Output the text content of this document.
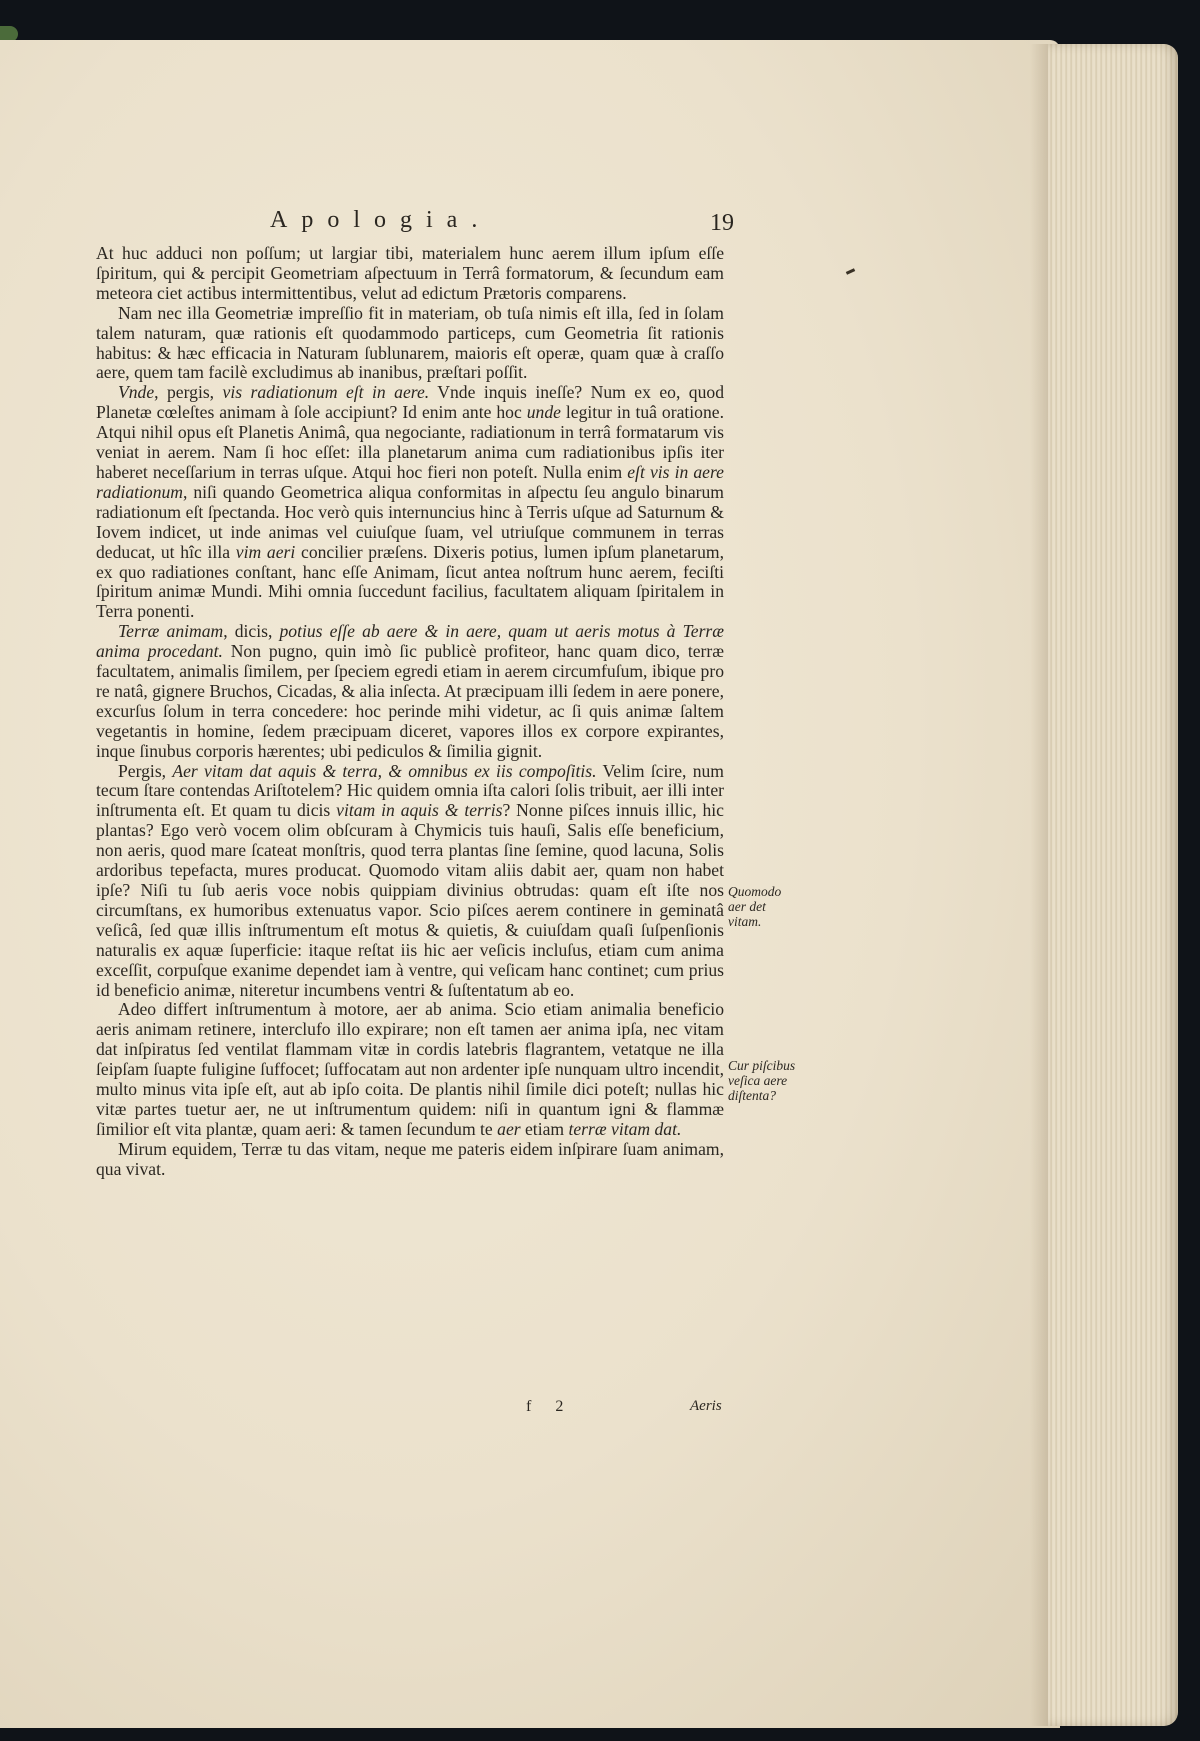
Apologia.	19

At huc adduci non poſſum; ut largiar tibi, materialem hunc aerem illum ipſum eſſe ſpiritum, qui & percipit Geometriam aſpectuum in Terrâ formatorum, & ſecundum eam meteora ciet actibus intermittentibus, velut ad edictum Prætoris comparens.

Nam nec illa Geometriæ impreſſio fit in materiam, ob tuſa nimis eſt illa, ſed in ſolam talem naturam, quæ rationis eſt quodammodo particeps, cum Geometria ſit rationis habitus: & hæc efficacia in Naturam ſublunarem, maioris eſt operæ, quam quæ à craſſo aere, quem tam facilè excludimus ab inanibus, præſtari poſſit.

Vnde, pergis, vis radiationum eſt in aere. Vnde inquis ineſſe? Num ex eo, quod Planetæ cœleſtes animam à ſole accipiunt? Id enim ante hoc unde legitur in tuâ oratione. Atqui nihil opus eſt Planetis Animâ, qua negociante, radiationum in terrâ formatarum vis veniat in aerem. Nam ſi hoc eſſet: illa planetarum anima cum radiationibus ipſis iter haberet neceſſarium in terras uſque. Atqui hoc fieri non poteſt. Nulla enim eſt vis in aere radiationum, niſi quando Geometrica aliqua conformitas in aſpectu ſeu angulo binarum radiationum eſt ſpectanda. Hoc verò quis internuncius hinc à Terris uſque ad Saturnum & Iovem indicet, ut inde animas vel cuiuſque ſuam, vel utriuſque communem in terras deducat, ut hîc illa vim aeri concilier præſens. Dixeris potius, lumen ipſum planetarum, ex quo radiationes conſtant, hanc eſſe Animam, ſicut antea noſtrum hunc aerem, feciſti ſpiritum animæ Mundi. Mihi omnia ſuccedunt facilius, facultatem aliquam ſpiritalem in Terra ponenti.

Terræ animam, dicis, potius eſſe ab aere & in aere, quam ut aeris motus à Terræ anima procedant. Non pugno, quin imò ſic publicè profiteor, hanc quam dico, terræ facultatem, animalis ſimilem, per ſpeciem egredi etiam in aerem circumfuſum, ibique pro re natâ, gignere Bruchos, Cicadas, & alia inſecta. At præcipuam illi ſedem in aere ponere, excurſus ſolum in terra concedere: hoc perinde mihi videtur, ac ſi quis animæ ſaltem vegetantis in homine, ſedem præcipuam diceret, vapores illos ex corpore expirantes, inque ſinubus corporis hærentes; ubi pediculos & ſimilia gignit.

Pergis, Aer vitam dat aquis & terra, & omnibus ex iis compoſitis. Velim ſcire, num tecum ſtare contendas Ariſtotelem? Hic quidem omnia iſta calori ſolis tribuit, aer illi inter inſtrumenta eſt. Et quam tu dicis vitam in aquis & terris? Nonne piſces innuis illic, hic plantas? Ego verò vocem olim obſcuram à Chymicis tuis hauſi, Salis eſſe beneficium, non aeris, quod mare ſcateat monſtris, quod terra plantas ſine ſemine, quod lacuna, Solis ardoribus tepefacta, mures producat. Quomodo vitam aliis dabit aer, quam non habet ipſe? Niſi tu ſub aeris voce nobis quippiam divinius obtrudas: quam eſt iſte nos circumſtans, ex humoribus extenuatus vapor. Scio piſces aerem continere in geminatâ veſicâ, ſed quæ illis inſtrumentum eſt motus & quietis, & cuiuſdam quaſi ſuſpenſionis naturalis ex aquæ ſuperficie: itaque reſtat iis hic aer veſicis incluſus, etiam cum anima exceſſit, corpuſque exanime dependet iam à ventre, qui veſicam hanc continet; cum prius id beneficio animæ, niteretur incumbens ventri & ſuſtentatum ab eo.

Adeo differt inſtrumentum à motore, aer ab anima. Scio etiam animalia beneficio aeris animam retinere, interclufo illo expirare; non eſt tamen aer anima ipſa, nec vitam dat inſpiratus ſed ventilat flammam vitæ in cordis latebris flagrantem, vetatque ne illa ſeipſam ſuapte fuligine ſuffocet; ſuffocatam aut non ardenter ipſe nunquam ultro incendit, multo minus vita ipſe eſt, aut ab ipſo coita. De plantis nihil ſimile dici poteſt; nullas hic vitæ partes tuetur aer, ne ut inſtrumentum quidem: niſi in quantum igni & flammæ ſimilior eſt vita plantæ, quam aeri: & tamen ſecundum te aer etiam terræ vitam dat.

Mirum equidem, Terræ tu das vitam, neque me pateris eidem inſpirare ſuam animam, qua vivat.

Quomodo aer det vitam.
Cur piſcibus veſica aere diſtenta?
f 2	Aeris
